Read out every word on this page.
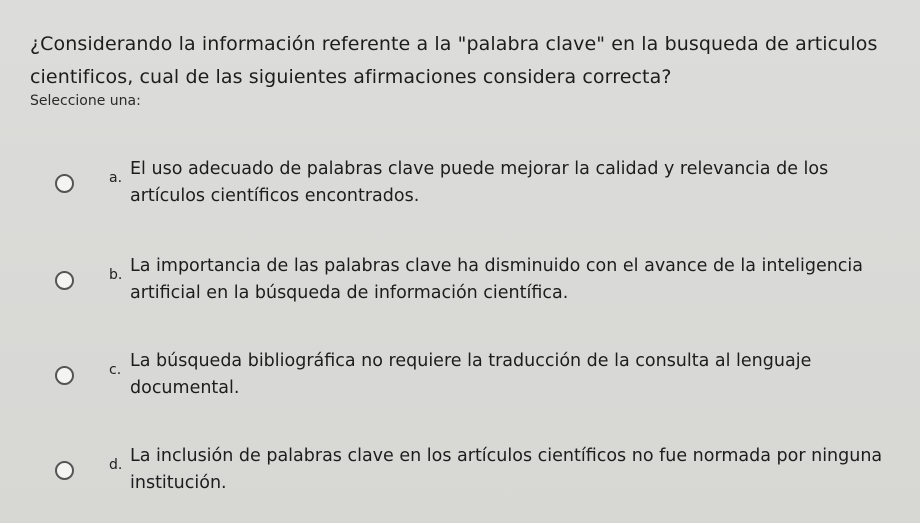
¿Considerando la información referente a la "palabra clave" en la busqueda de articulos cientificos, cual de las siguientes afirmaciones considera correcta?
Seleccione una:
a. El uso adecuado de palabras clave puede mejorar la calidad y relevancia de los artículos científicos encontrados.
b. La importancia de las palabras clave ha disminuido con el avance de la inteligencia artificial en la búsqueda de información científica.
c. La búsqueda bibliográfica no requiere la traducción de la consulta al lenguaje documental.
d. La inclusión de palabras clave en los artículos científicos no fue normada por ninguna institución.
